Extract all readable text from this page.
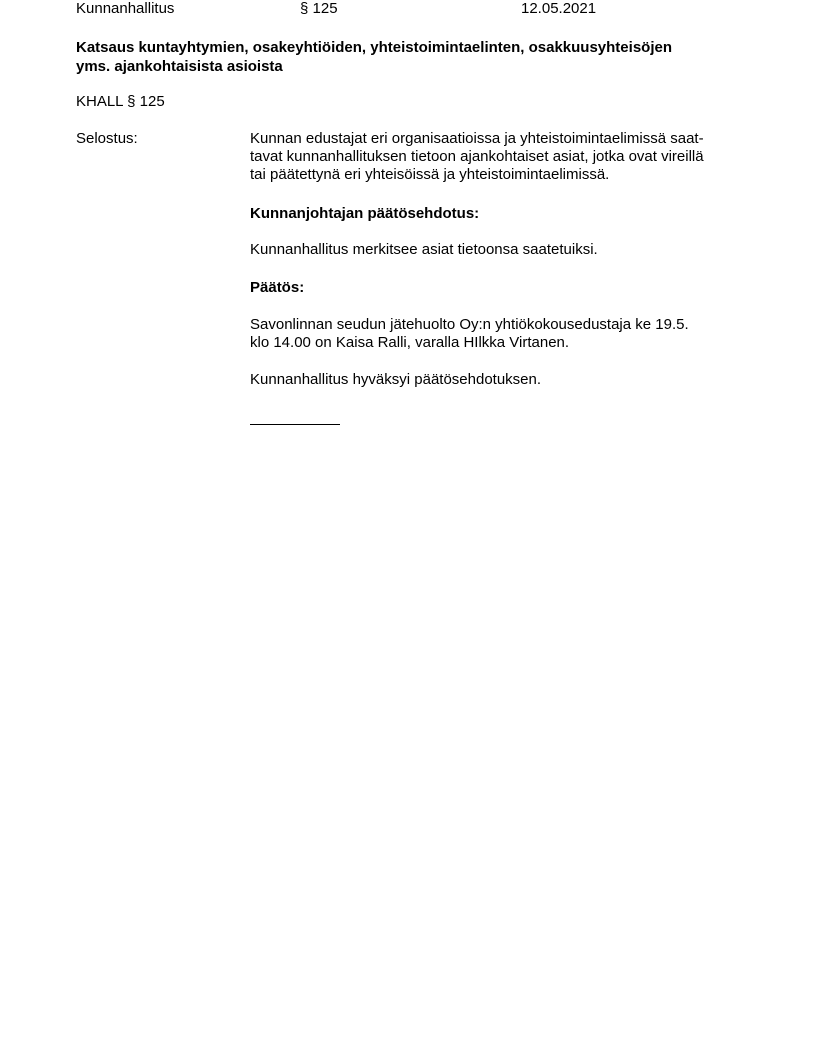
Kunnanhallitus	§ 125	12.05.2021
Katsaus kuntayhtymien, osakeyhtiöiden, yhteistoimintaelinten, osakkuusyhteisöjen
yms. ajankohtaisista asioista
KHALL § 125
Selostus:	Kunnan edustajat eri organisaatioissa ja yhteistoimintaelimissä saat-
tavat kunnanhallituksen tietoon ajankohtaiset asiat, jotka ovat vireillä
tai päätettynä eri yhteisöissä ja yhteistoimintaelimissä.
Kunnanjohtajan päätösehdotus:
Kunnanhallitus merkitsee asiat tietoonsa saatetuiksi.
Päätös:
Savonlinnan seudun jätehuolto Oy:n yhtiökokousedustaja ke 19.5.
klo 14.00 on Kaisa Ralli, varalla HIlkka Virtanen.
Kunnanhallitus hyväksyi päätösehdotuksen.
